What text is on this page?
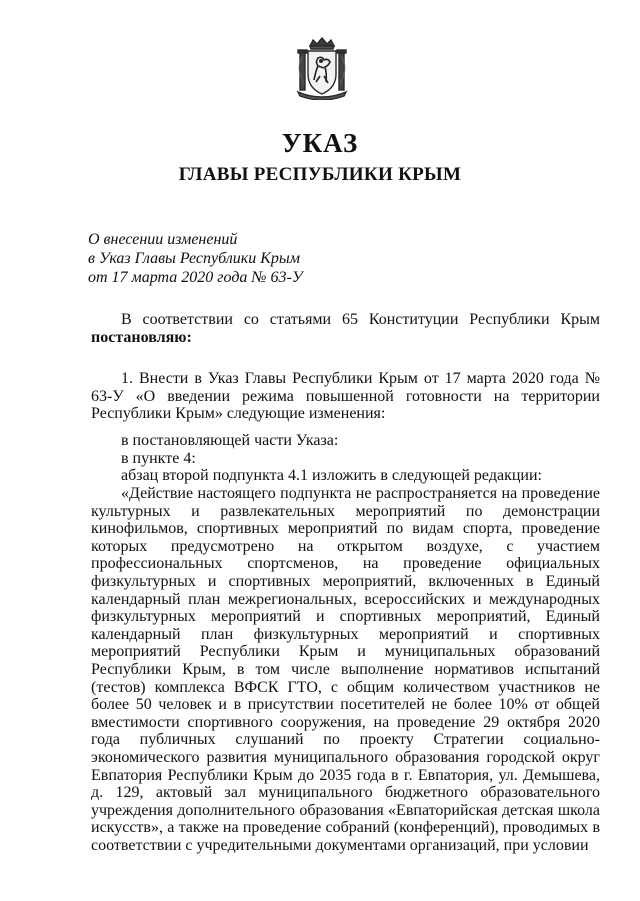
УКАЗ
ГЛАВЫ РЕСПУБЛИКИ КРЫМ
О внесении изменений
в Указ Главы Республики Крым
от 17 марта 2020 года № 63-У
В соответствии со статьями 65 Конституции Республики Крым постановляю:
1. Внести в Указ Главы Республики Крым от 17 марта 2020 года № 63-У «О введении режима повышенной готовности на территории Республики Крым» следующие изменения:
в постановляющей части Указа:
в пункте 4:
абзац второй подпункта 4.1 изложить в следующей редакции:
«Действие настоящего подпункта не распространяется на проведение культурных и развлекательных мероприятий по демонстрации кинофильмов, спортивных мероприятий по видам спорта, проведение которых предусмотрено на открытом воздухе, с участием профессиональных спортсменов, на проведение официальных физкультурных и спортивных мероприятий, включенных в Единый календарный план межрегиональных, всероссийских и международных физкультурных мероприятий и спортивных мероприятий, Единый календарный план физкультурных мероприятий и спортивных мероприятий Республики Крым и муниципальных образований Республики Крым, в том числе выполнение нормативов испытаний (тестов) комплекса ВФСК ГТО, с общим количеством участников не более 50 человек и в присутствии посетителей не более 10% от общей вместимости спортивного сооружения, на проведение 29 октября 2020 года публичных слушаний по проекту Стратегии социально-экономического развития муниципального образования городской округ Евпатория Республики Крым до 2035 года в г. Евпатория, ул. Демышева, д. 129, актовый зал муниципального бюджетного образовательного учреждения дополнительного образования «Евпаторийская детская школа искусств», а также на проведение собраний (конференций), проводимых в соответствии с учредительными документами организаций, при условии
